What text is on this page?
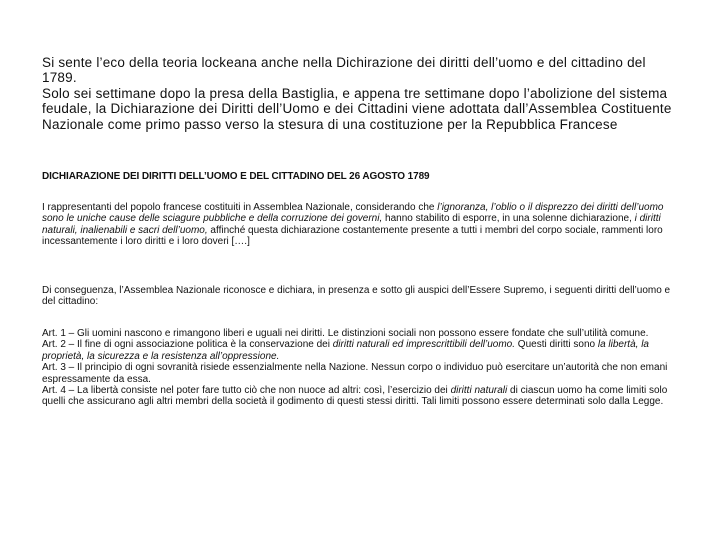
Si sente l’eco della teoria lockeana anche nella Dichirazione dei diritti dell’uomo e del cittadino del 1789.

Solo sei settimane dopo la presa della Bastiglia, e appena tre settimane dopo l’abolizione del sistema feudale, la Dichiarazione dei Diritti dell’Uomo e dei Cittadini viene adottata dall’Assemblea Costituente Nazionale come primo passo verso la stesura di una costituzione per la Repubblica Francese

DICHIARAZIONE DEI DIRITTI DELL’UOMO E DEL CITTADINO DEL 26 AGOSTO 1789

I rappresentanti del popolo francese costituiti in Assemblea Nazionale, considerando che l’ignoranza, l’oblio o il disprezzo dei diritti dell’uomo sono le uniche cause delle sciagure pubbliche e della corruzione dei governi, hanno stabilito di esporre, in una solenne dichiarazione, i diritti naturali, inalienabili e sacri dell’uomo, affinché questa dichiarazione costantemente presente a tutti i membri del corpo sociale, rammenti loro incessantemente i loro diritti e i loro doveri [….]

Di conseguenza, l’Assemblea Nazionale riconosce e dichiara, in presenza e sotto gli auspici dell’Essere Supremo, i seguenti diritti dell’uomo e del cittadino:

Art. 1 – Gli uomini nascono e rimangono liberi e uguali nei diritti. Le distinzioni sociali non possono essere fondate che sull’utilità comune.

Art. 2 – Il fine di ogni associazione politica è la conservazione dei diritti naturali ed imprescrittibili dell’uomo. Questi diritti sono la libertà, la proprietà, la sicurezza e la resistenza all’oppressione.

Art. 3 – Il principio di ogni sovranità risiede essenzialmente nella Nazione. Nessun corpo o individuo può esercitare un’autorità che non emani espressamente da essa.

Art. 4 – La libertà consiste nel poter fare tutto ciò che non nuoce ad altri: così, l’esercizio dei diritti naturali di ciascun uomo ha come limiti solo quelli che assicurano agli altri membri della società il godimento di questi stessi diritti. Tali limiti possono essere determinati solo dalla Legge.
